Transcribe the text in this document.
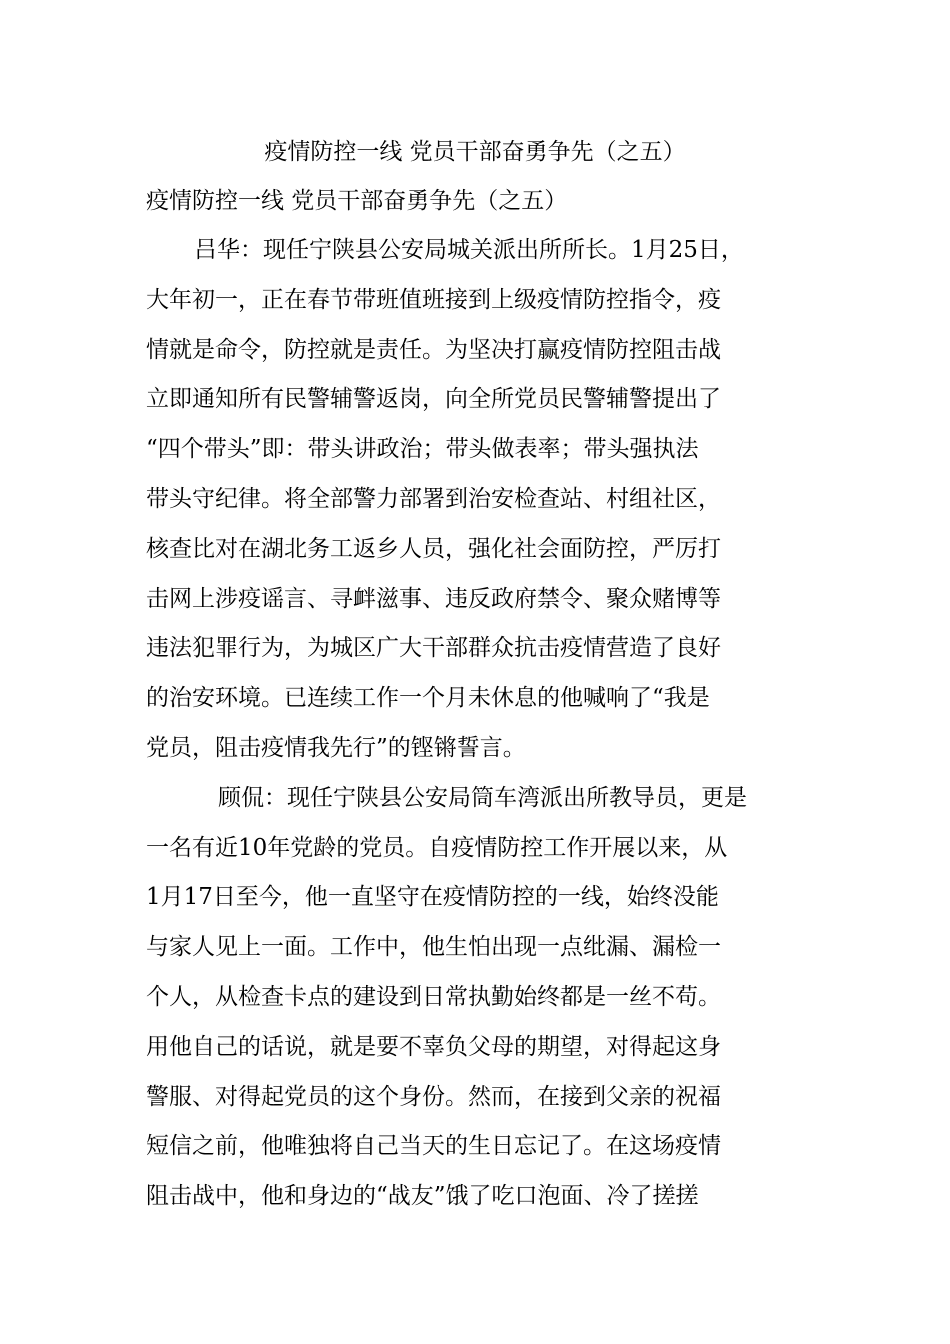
疫情防控一线 党员干部奋勇争先（之五）
疫情防控一线 党员干部奋勇争先（之五）
吕华：现任宁陕县公安局城关派出所所长。1月25日，
大年初一，正在春节带班值班接到上级疫情防控指令，疫
情就是命令，防控就是责任。为坚决打赢疫情防控阻击战
立即通知所有民警辅警返岗，向全所党员民警辅警提出了
“四个带头”即：带头讲政治；带头做表率；带头强执法
带头守纪律。将全部警力部署到治安检查站、村组社区，
核查比对在湖北务工返乡人员，强化社会面防控，严厉打
击网上涉疫谣言、寻衅滋事、违反政府禁令、聚众赌博等
违法犯罪行为，为城区广大干部群众抗击疫情营造了良好
的治安环境。已连续工作一个月未休息的他喊响了“我是
党员，阻击疫情我先行”的铿锵誓言。
顾侃：现任宁陕县公安局筒车湾派出所教导员，更是
一名有近10年党龄的党员。自疫情防控工作开展以来，从
1月17日至今，他一直坚守在疫情防控的一线，始终没能
与家人见上一面。工作中，他生怕出现一点纰漏、漏检一
个人，从检查卡点的建设到日常执勤始终都是一丝不苟。
用他自己的话说，就是要不辜负父母的期望，对得起这身
警服、对得起党员的这个身份。然而，在接到父亲的祝福
短信之前，他唯独将自己当天的生日忘记了。在这场疫情
阻击战中，他和身边的“战友”饿了吃口泡面、冷了搓搓
